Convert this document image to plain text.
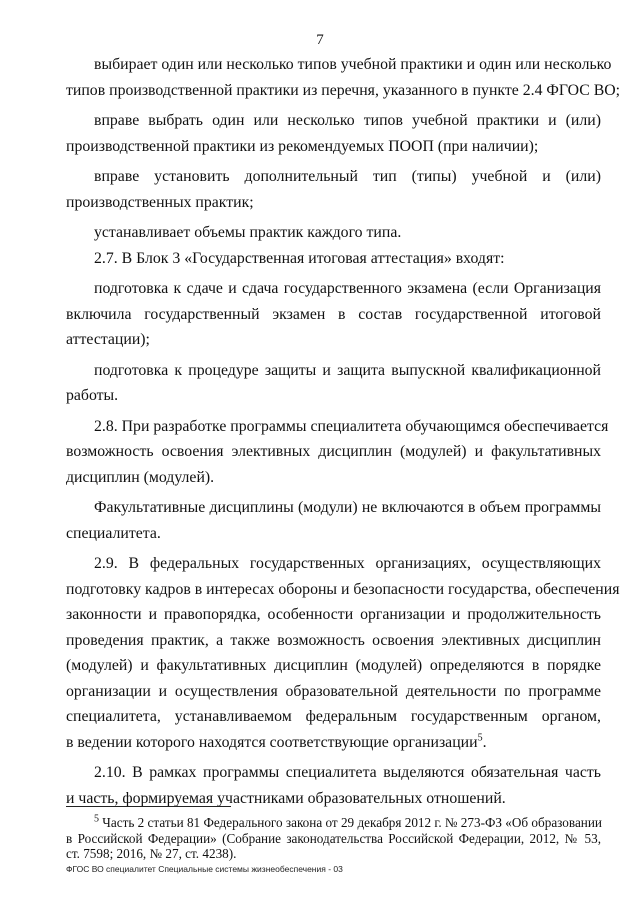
7
выбирает один или несколько типов учебной практики и один или несколько
типов производственной практики из перечня, указанного в пункте 2.4 ФГОС ВО;
вправе выбрать один или несколько типов учебной практики и (или)
производственной практики из рекомендуемых ПООП (при наличии);
вправе установить дополнительный тип (типы) учебной и (или)
производственных практик;
устанавливает объемы практик каждого типа.
2.7. В Блок 3 «Государственная итоговая аттестация» входят:
подготовка к сдаче и сдача государственного экзамена (если Организация
включила государственный экзамен в состав государственной итоговой
аттестации);
подготовка к процедуре защиты и защита выпускной квалификационной
работы.
2.8. При разработке программы специалитета обучающимся обеспечивается
возможность освоения элективных дисциплин (модулей) и факультативных
дисциплин (модулей).
Факультативные дисциплины (модули) не включаются в объем программы
специалитета.
2.9. В федеральных государственных организациях, осуществляющих
подготовку кадров в интересах обороны и безопасности государства, обеспечения
законности и правопорядка, особенности организации и продолжительность
проведения практик, а также возможность освоения элективных дисциплин
(модулей) и факультативных дисциплин (модулей) определяются в порядке
организации и осуществления образовательной деятельности по программе
специалитета, устанавливаемом федеральным государственным органом,
в ведении которого находятся соответствующие организации$^5$.
2.10. В рамках программы специалитета выделяются обязательная часть
и часть, формируемая участниками образовательных отношений.
$^5$ Часть 2 статьи 81 Федерального закона от 29 декабря 2012 г. № 273-ФЗ «Об образовании
в Российской Федерации» (Собрание законодательства Российской Федерации, 2012, № 53,
ст. 7598; 2016, № 27, ст. 4238).
ФГОС ВО специалитет Специальные системы жизнеобеспечения - 03
